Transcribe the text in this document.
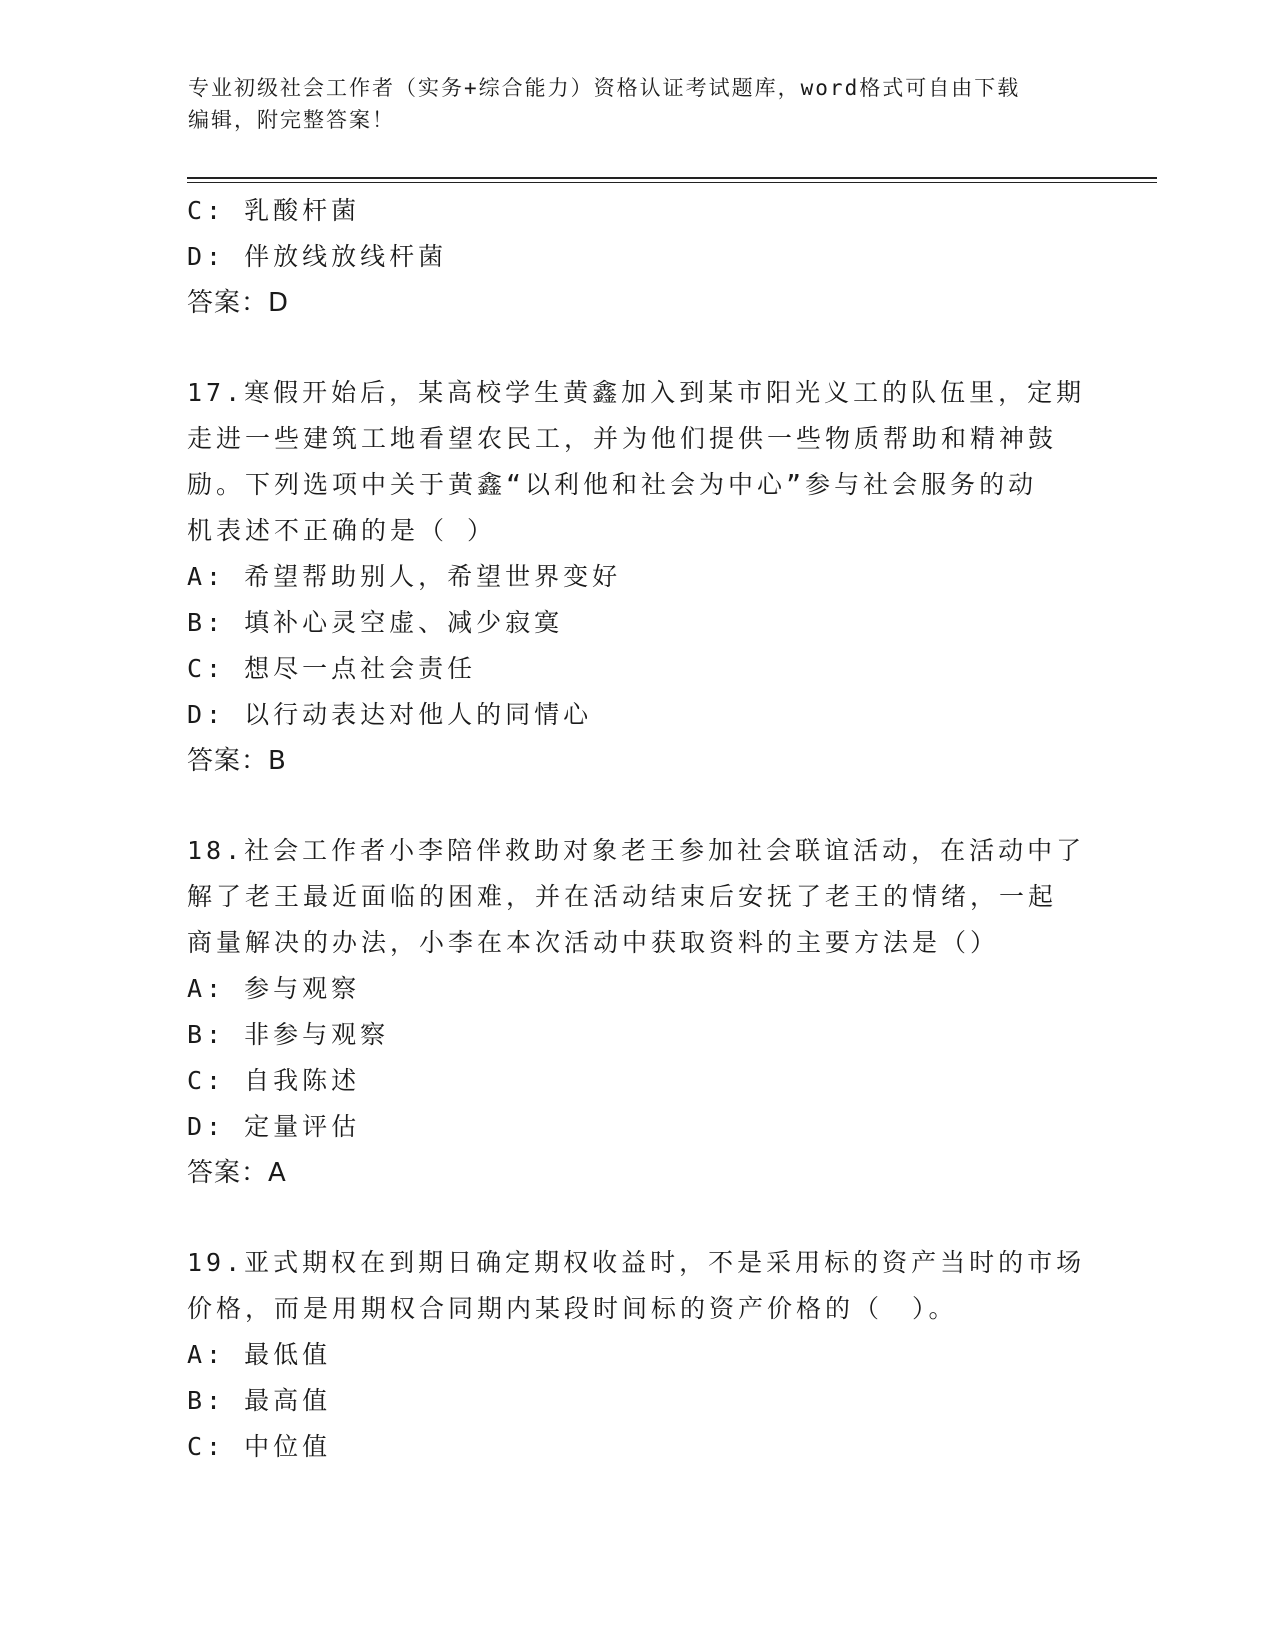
专业初级社会工作者（实务+综合能力）资格认证考试题库，word格式可自由下载
编辑，附完整答案！
C: 乳酸杆菌
D: 伴放线放线杆菌
答案：D
17.寒假开始后，某高校学生黄鑫加入到某市阳光义工的队伍里，定期
走进一些建筑工地看望农民工，并为他们提供一些物质帮助和精神鼓
励。下列选项中关于黄鑫“以利他和社会为中心”参与社会服务的动
机表述不正确的是（ ）
A: 希望帮助别人，希望世界变好
B: 填补心灵空虚、减少寂寞
C: 想尽一点社会责任
D: 以行动表达对他人的同情心
答案：B
18.社会工作者小李陪伴救助对象老王参加社会联谊活动，在活动中了
解了老王最近面临的困难，并在活动结束后安抚了老王的情绪，一起
商量解决的办法，小李在本次活动中获取资料的主要方法是（）
A: 参与观察
B: 非参与观察
C: 自我陈述
D: 定量评估
答案：A
19.亚式期权在到期日确定期权收益时，不是采用标的资产当时的市场
价格，而是用期权合同期内某段时间标的资产价格的（　）。
A: 最低值
B: 最高值
C: 中位值
